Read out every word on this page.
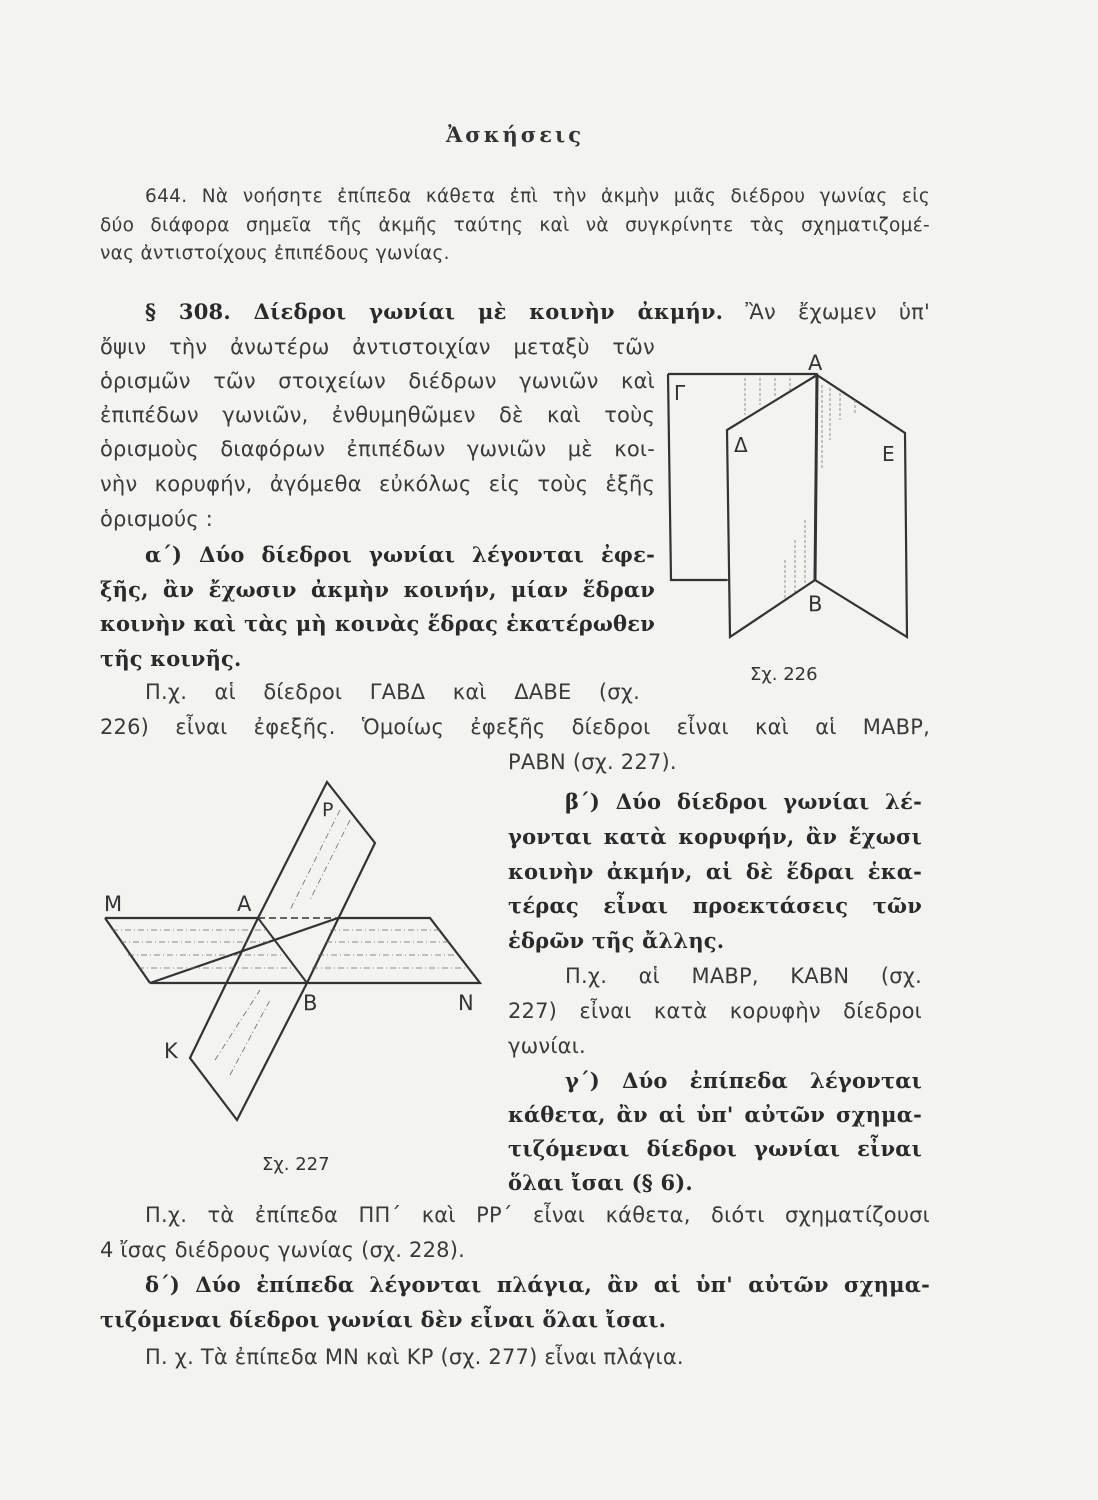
Ἀσκήσεις
644. Νὰ νοήσητε ἐπίπεδα κάθετα ἐπὶ τὴν ἀκμὴν μιᾶς διέδρου γωνίας εἰς
δύο διάφορα σημεῖα τῆς ἀκμῆς ταύτης καὶ νὰ συγκρίνητε τὰς σχηματιζομέ-
νας ἀντιστοίχους ἐπιπέδους γωνίας.
§ 308. Δίεδροι γωνίαι μὲ κοινὴν ἀκμήν. Ἂν ἔχωμεν ὑπ'
ὄψιν τὴν ἀνωτέρω ἀντιστοιχίαν μεταξὺ τῶν
ὁρισμῶν τῶν στοιχείων διέδρων γωνιῶν καὶ
ἐπιπέδων γωνιῶν, ἐνθυμηθῶμεν δὲ καὶ τοὺς
ὁρισμοὺς διαφόρων ἐπιπέδων γωνιῶν μὲ κοι-
νὴν κορυφήν, ἀγόμεθα εὐκόλως εἰς τοὺς ἑξῆς
ὁρισμούς :
α΄) Δύο δίεδροι γωνίαι λέγονται ἐφε-
ξῆς, ἂν ἔχωσιν ἀκμὴν κοινήν, μίαν ἕδραν
κοινὴν καὶ τὰς μὴ κοινὰς ἕδρας ἑκατέρωθεν
τῆς κοινῆς.
Π.χ. αἱ δίεδροι ΓΑΒΔ καὶ ΔΑΒΕ (σχ.
226) εἶναι ἐφεξῆς. Ὁμοίως ἐφεξῆς δίεδροι εἶναι καὶ αἱ ΜΑΒΡ,
ΡΑΒΝ (σχ. 227).
β΄) Δύο δίεδροι γωνίαι λέ-
γονται κατὰ κορυφήν, ἂν ἔχωσι
κοινὴν ἀκμήν, αἱ δὲ ἕδραι ἑκα-
τέρας εἶναι προεκτάσεις τῶν
ἑδρῶν τῆς ἄλλης.
Π.χ. αἱ ΜΑΒΡ, ΚΑΒΝ (σχ.
227) εἶναι κατὰ κορυφὴν δίεδροι
γωνίαι.
γ΄) Δύο ἐπίπεδα λέγονται
κάθετα, ἂν αἱ ὑπ' αὐτῶν σχημα-
τιζόμεναι δίεδροι γωνίαι εἶναι
ὅλαι ἴσαι (§ 6).
Π.χ. τὰ ἐπίπεδα ΠΠ΄ καὶ ΡΡ΄ εἶναι κάθετα, διότι σχηματίζουσι
4 ἴσας διέδρους γωνίας (σχ. 228).
δ΄) Δύο ἐπίπεδα λέγονται πλάγια, ἂν αἱ ὑπ' αὐτῶν σχημα-
τιζόμεναι δίεδροι γωνίαι δὲν εἶναι ὅλαι ἴσαι.
Π. χ. Τὰ ἐπίπεδα ΜΝ καὶ ΚΡ (σχ. 277) εἶναι πλάγια.
Α
Γ
Δ	Ε
Β
Σχ. 226
Μ	Α
Ρ
Β	Ν
Κ
Σχ. 227
